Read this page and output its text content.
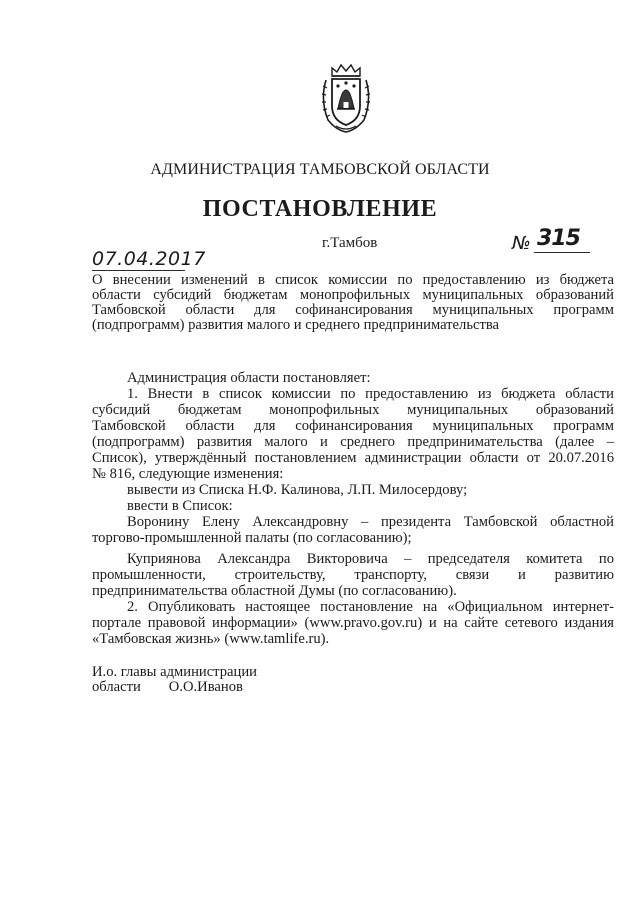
АДМИНИСТРАЦИЯ ТАМБОВСКОЙ ОБЛАСТИ
ПОСТАНОВЛЕНИЕ
г.Тамбов	№ 315
07.04.2017
О внесении изменений в список комиссии по предоставлению из бюджета
области субсидий бюджетам монопрофильных муниципальных образований
Тамбовской области для софинансирования муниципальных программ
(подпрограмм) развития малого и среднего предпринимательства
Администрация области постановляет:
1. Внести в список комиссии по предоставлению из бюджета области
субсидий бюджетам монопрофильных муниципальных образований
Тамбовской области для софинансирования муниципальных программ
(подпрограмм) развития малого и среднего предпринимательства (далее –
Список), утверждённый постановлением администрации области от 20.07.2016
№ 816, следующие изменения:
вывести из Списка Н.Ф. Калинова, Л.П. Милосердову;
ввести в Список:
Воронину Елену Александровну – президента Тамбовской областной
торгово-промышленной палаты (по согласованию);
Куприянова Александра Викторовича – председателя комитета по
промышленности, строительству, транспорту, связи и развитию
предпринимательства областной Думы (по согласованию).
2. Опубликовать настоящее постановление на «Официальном интернет-
портале правовой информации» (www.pravo.gov.ru) и на сайте сетевого издания
«Тамбовская жизнь» (www.tamlife.ru).
И.о. главы администрации
области О.О.Иванов
